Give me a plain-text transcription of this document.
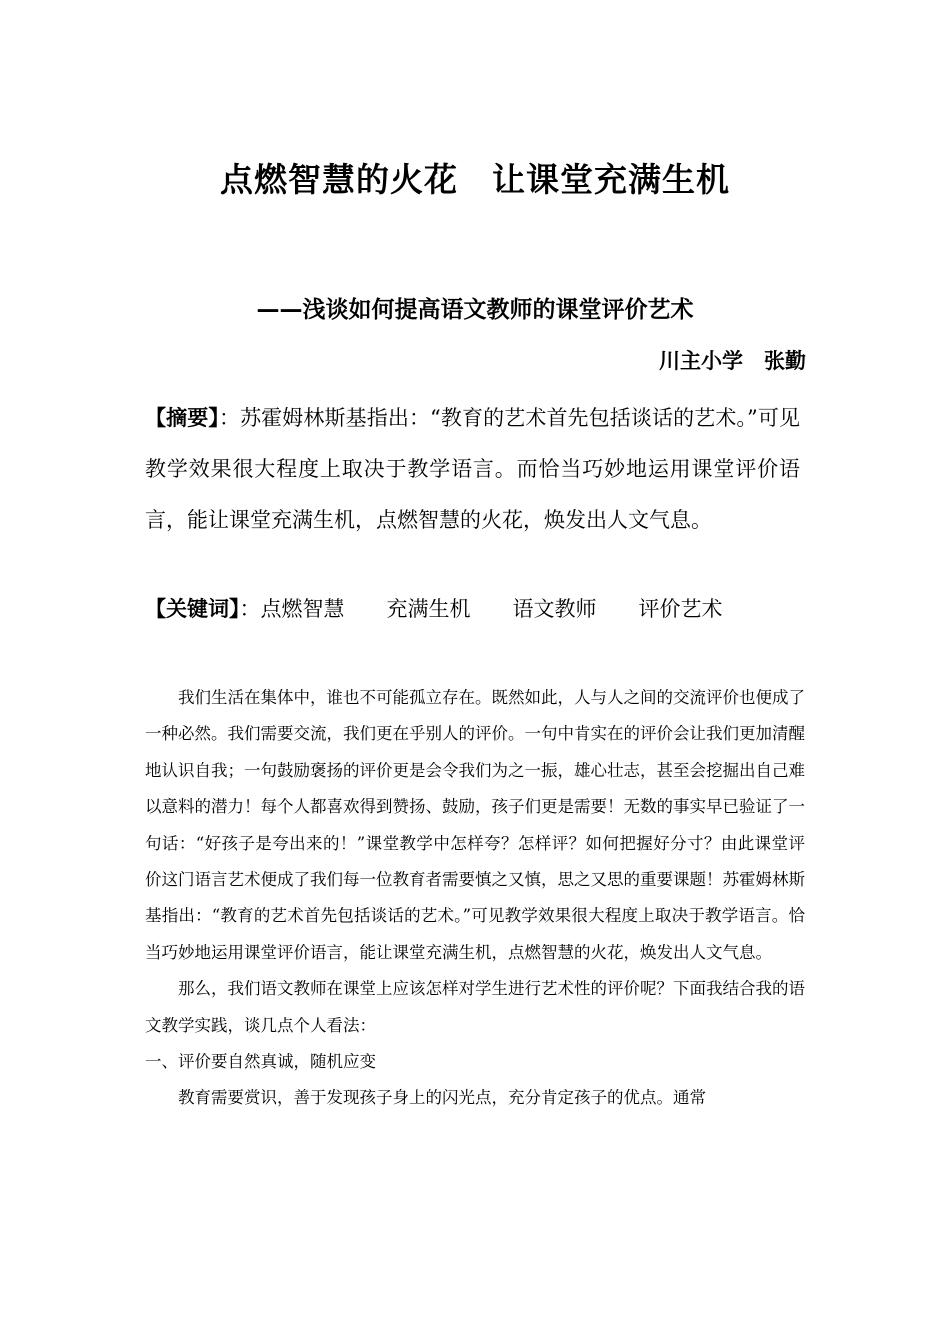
点燃智慧的火花　让课堂充满生机
——浅谈如何提高语文教师的课堂评价艺术
川主小学　张勤
【摘要】：苏霍姆林斯基指出：“教育的艺术首先包括谈话的艺术。”可见教学效果很大程度上取决于教学语言。而恰当巧妙地运用课堂评价语言，能让课堂充满生机，点燃智慧的火花，焕发出人文气息。
【关键词】：点燃智慧 充满生机 语文教师 评价艺术

我们生活在集体中，谁也不可能孤立存在。既然如此，人与人之间的交流评价也便成了一种必然。我们需要交流，我们更在乎别人的评价。一句中肯实在的评价会让我们更加清醒地认识自我；一句鼓励褒扬的评价更是会令我们为之一振，雄心壮志，甚至会挖掘出自己难以意料的潜力！每个人都喜欢得到赞扬、鼓励，孩子们更是需要！无数的事实早已验证了一句话：“好孩子是夸出来的！”课堂教学中怎样夸？怎样评？如何把握好分寸？由此课堂评价这门语言艺术便成了我们每一位教育者需要慎之又慎，思之又思的重要课题！苏霍姆林斯基指出：“教育的艺术首先包括谈话的艺术。”可见教学效果很大程度上取决于教学语言。恰当巧妙地运用课堂评价语言，能让课堂充满生机，点燃智慧的火花，焕发出人文气息。

那么，我们语文教师在课堂上应该怎样对学生进行艺术性的评价呢？下面我结合我的语文教学实践，谈几点个人看法：

一、评价要自然真诚，随机应变

教育需要赏识，善于发现孩子身上的闪光点，充分肯定孩子的优点。通常
